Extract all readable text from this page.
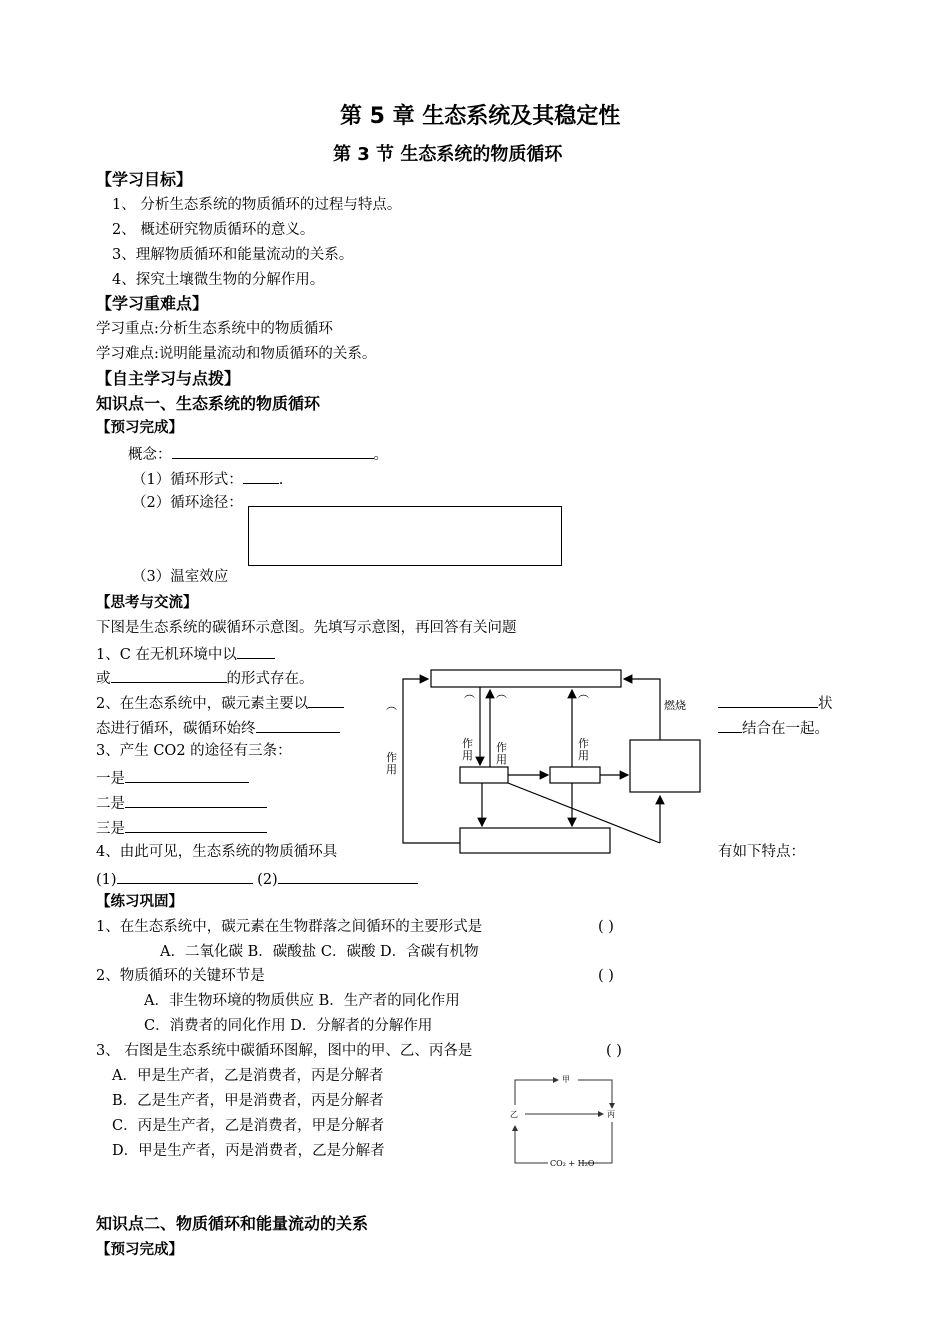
第 5 章 生态系统及其稳定性
第 3 节 生态系统的物质循环
【学习目标】
1、 分析生态系统的物质循环的过程与特点。
2、 概述研究物质循环的意义。
3、理解物质循环和能量流动的关系。
4、探究土壤微生物的分解作用。
【学习重难点】
学习重点:分析生态系统中的物质循环
学习难点:说明能量流动和物质循环的关系。
【自主学习与点拨】
知识点一、生态系统的物质循环
【预习完成】
概念：	。
（1）循环形式： .
（2）循环途径：
（3）温室效应
【思考与交流】
下图是生态系统的碳循环示意图。先填写示意图，再回答有关问题
1、C 在无机环境中以
或	的形式存在。
2、在生态系统中，碳元素主要以
态进行循环，碳循环始终
状
结合在一起。
3、产生 CO2 的途径有三条：
一是
二是
三是
4、由此可见，生态系统的物质循环具	有如下特点：
(1)	(2)
燃烧
︵
作用
︵ ︵	︵
作用
作用
作用
【练习巩固】
1、在生态系统中，碳元素在生物群落之间循环的主要形式是	( )
A．二氧化碳 B．碳酸盐 C．碳酸 D．含碳有机物
2、物质循环的关键环节是	( )
A．非生物环境的物质供应 B．生产者的同化作用
C．消费者的同化作用 D．分解者的分解作用
3、 右图是生态系统中碳循环图解，图中的甲、乙、丙各是	( )
A．甲是生产者，乙是消费者，丙是分解者
B．乙是生产者，甲是消费者，丙是分解者
C．丙是生产者，乙是消费者，甲是分解者
D．甲是生产者，丙是消费者，乙是分解者
甲
乙	丙
CO₂ + H₂O
知识点二、物质循环和能量流动的关系
【预习完成】
